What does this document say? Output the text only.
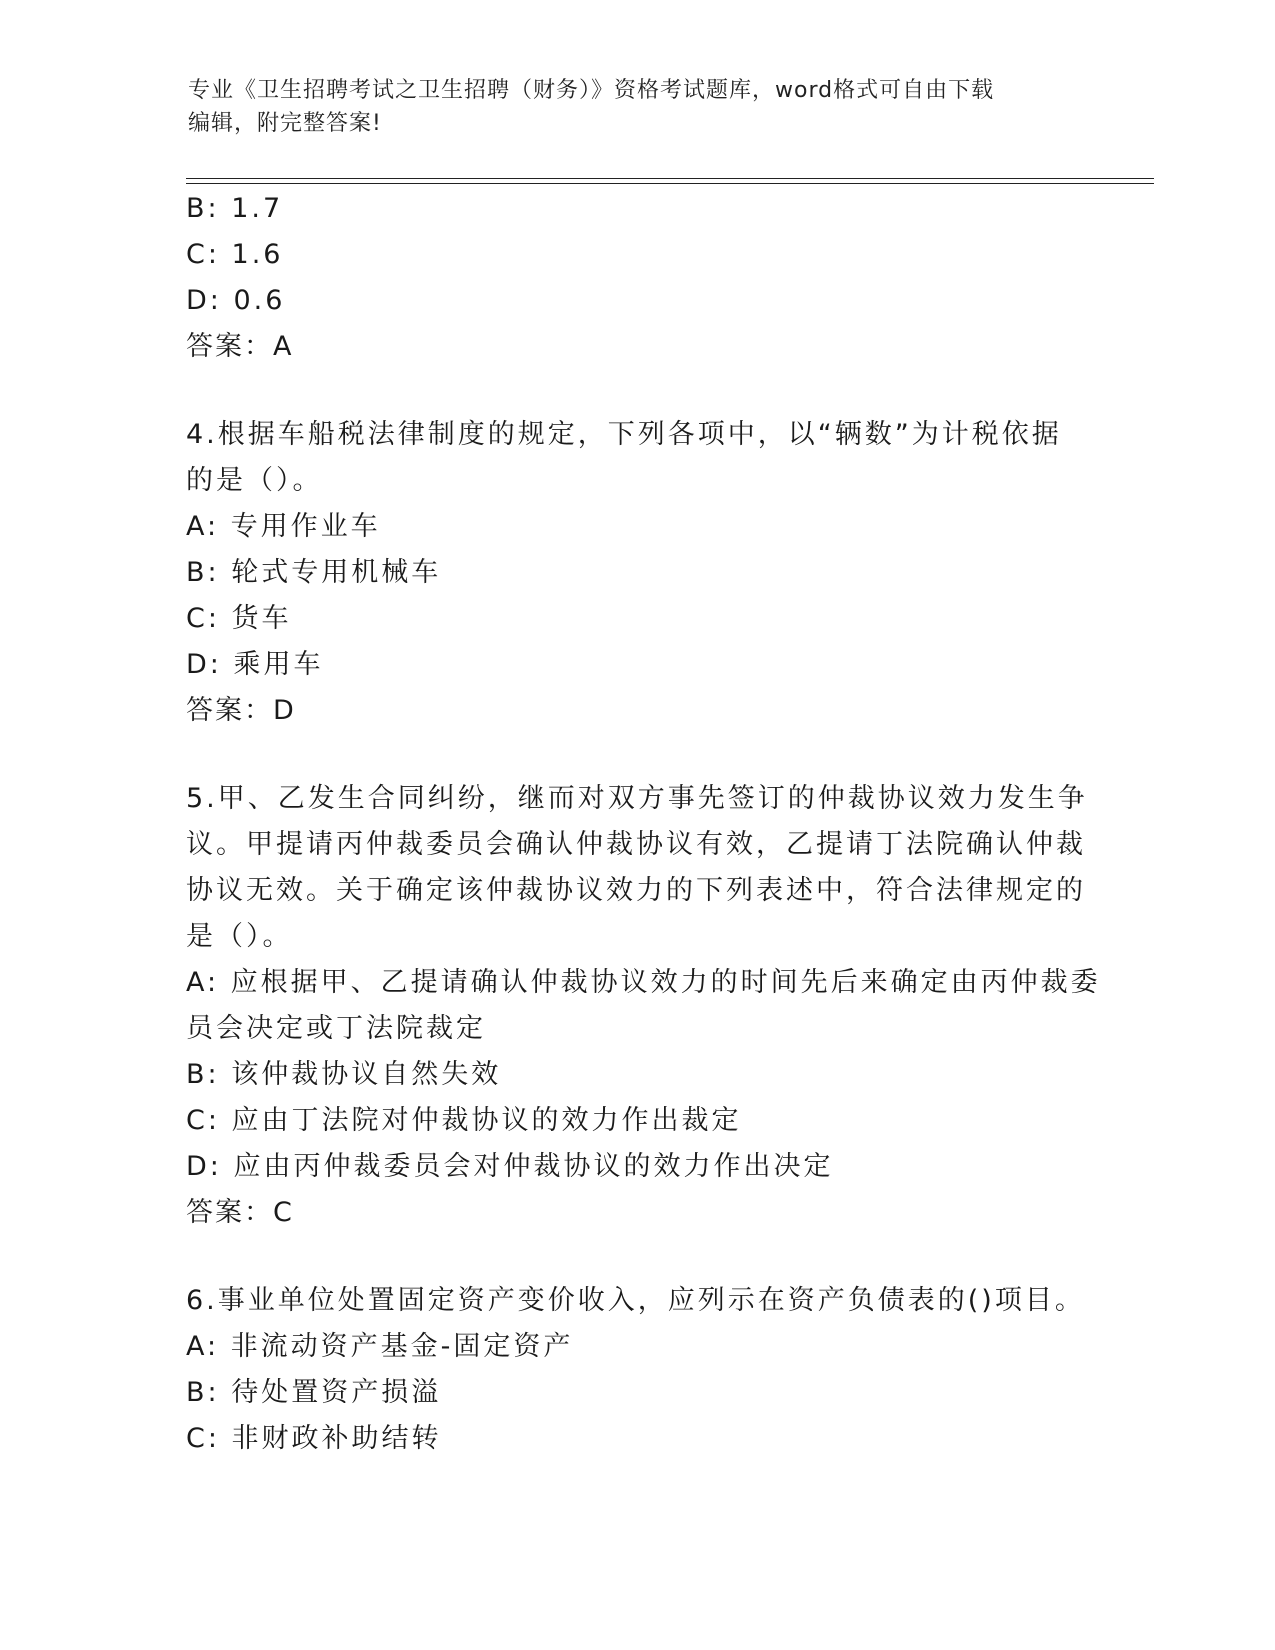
专业《卫生招聘考试之卫生招聘（财务）》资格考试题库，word格式可自由下载
编辑，附完整答案!
B: 1.7
C: 1.6
D: 0.6
答案：A
4.根据车船税法律制度的规定，下列各项中，以“辆数”为计税依据
的是（）。
A: 专用作业车
B: 轮式专用机械车
C: 货车
D: 乘用车
答案：D
5.甲、乙发生合同纠纷，继而对双方事先签订的仲裁协议效力发生争
议。甲提请丙仲裁委员会确认仲裁协议有效，乙提请丁法院确认仲裁
协议无效。关于确定该仲裁协议效力的下列表述中，符合法律规定的
是（）。
A: 应根据甲、乙提请确认仲裁协议效力的时间先后来确定由丙仲裁委
员会决定或丁法院裁定
B: 该仲裁协议自然失效
C: 应由丁法院对仲裁协议的效力作出裁定
D: 应由丙仲裁委员会对仲裁协议的效力作出决定
答案：C
6.事业单位处置固定资产变价收入，应列示在资产负债表的()项目。
A: 非流动资产基金-固定资产
B: 待处置资产损溢
C: 非财政补助结转
